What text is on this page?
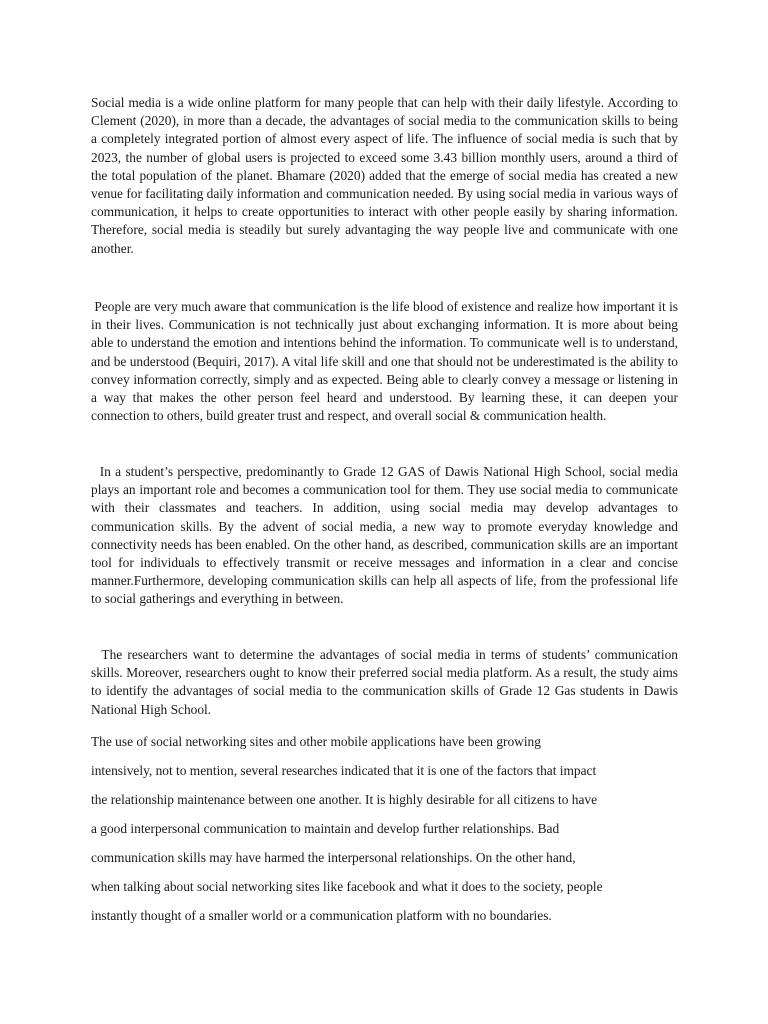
Social media is a wide online platform for many people that can help with their daily lifestyle. According to Clement (2020), in more than a decade, the advantages of social media to the communication skills to being a completely integrated portion of almost every aspect of life. The influence of social media is such that by 2023, the number of global users is projected to exceed some 3.43 billion monthly users, around a third of the total population of the planet. Bhamare (2020) added that the emerge of social media has created a new venue for facilitating daily information and communication needed. By using social media in various ways of communication, it helps to create opportunities to interact with other people easily by sharing information. Therefore, social media is steadily but surely advantaging the way people live and communicate with one another.

People are very much aware that communication is the life blood of existence and realize how important it is in their lives. Communication is not technically just about exchanging information. It is more about being able to understand the emotion and intentions behind the information. To communicate well is to understand, and be understood (Bequiri, 2017). A vital life skill and one that should not be underestimated is the ability to convey information correctly, simply and as expected. Being able to clearly convey a message or listening in a way that makes the other person feel heard and understood. By learning these, it can deepen your connection to others, build greater trust and respect, and overall social & communication health.

In a student’s perspective, predominantly to Grade 12 GAS of Dawis National High School, social media plays an important role and becomes a communication tool for them. They use social media to communicate with their classmates and teachers. In addition, using social media may develop advantages to communication skills. By the advent of social media, a new way to promote everyday knowledge and connectivity needs has been enabled. On the other hand, as described, communication skills are an important tool for individuals to effectively transmit or receive messages and information in a clear and concise manner.Furthermore, developing communication skills can help all aspects of life, from the professional life to social gatherings and everything in between.

The researchers want to determine the advantages of social media in terms of students’ communication skills. Moreover, researchers ought to know their preferred social media platform. As a result, the study aims to identify the advantages of social media to the communication skills of Grade 12 Gas students in Dawis National High School.

The use of social networking sites and other mobile applications have been growing

intensively, not to mention, several researches indicated that it is one of the factors that impact

the relationship maintenance between one another. It is highly desirable for all citizens to have

a good interpersonal communication to maintain and develop further relationships. Bad

communication skills may have harmed the interpersonal relationships. On the other hand,

when talking about social networking sites like facebook and what it does to the society, people

instantly thought of a smaller world or a communication platform with no boundaries.
